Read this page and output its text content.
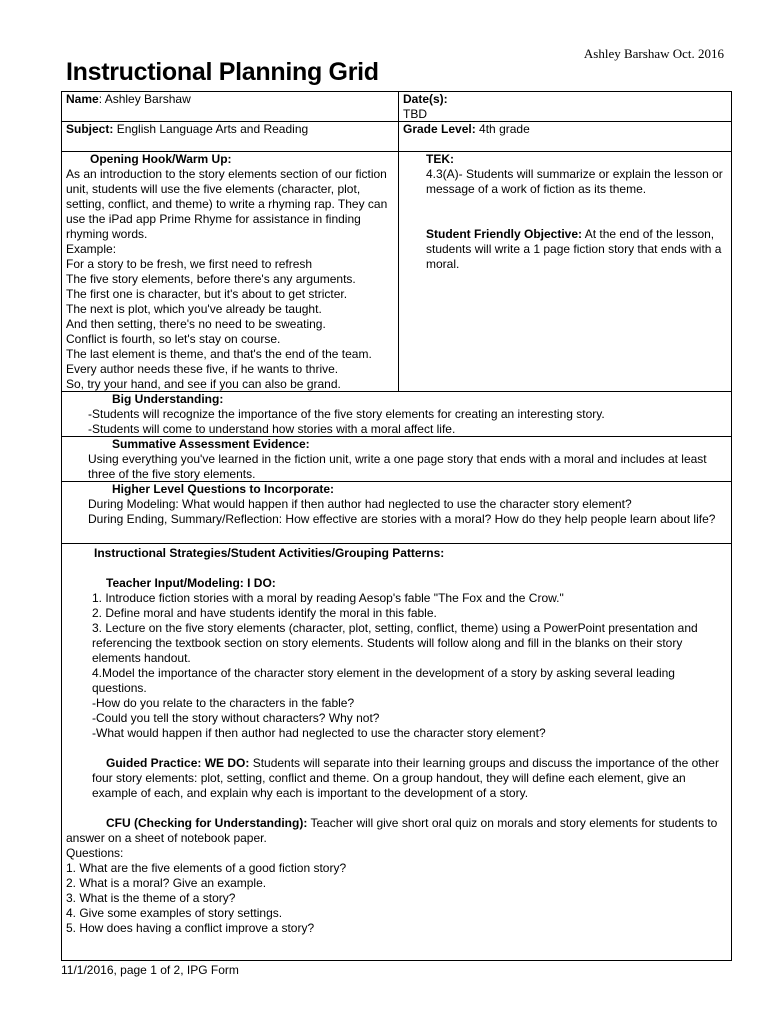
Ashley Barshaw Oct. 2016
Instructional Planning Grid
Name: Ashley Barshaw	Date(s):
TBD
Subject: English Language Arts and Reading	Grade Level: 4th grade
Opening Hook/Warm Up:
As an introduction to the story elements section of our fiction unit, students will use the five elements (character, plot, setting, conflict, and theme) to write a rhyming rap. They can use the iPad app Prime Rhyme for assistance in finding rhyming words.
Example:
For a story to be fresh, we first need to refresh
The five story elements, before there's any arguments.
The first one is character, but it's about to get stricter.
The next is plot, which you've already be taught.
And then setting, there's no need to be sweating.
Conflict is fourth, so let's stay on course.
The last element is theme, and that's the end of the team.
Every author needs these five, if he wants to thrive.
So, try your hand, and see if you can also be grand.
TEK:
4.3(A)- Students will summarize or explain the lesson or message of a work of fiction as its theme.
Student Friendly Objective: At the end of the lesson, students will write a 1 page fiction story that ends with a moral.
Big Understanding:
-Students will recognize the importance of the five story elements for creating an interesting story.
-Students will come to understand how stories with a moral affect life.
Summative Assessment Evidence:
Using everything you've learned in the fiction unit, write a one page story that ends with a moral and includes at least three of the five story elements.
Higher Level Questions to Incorporate:
During Modeling: What would happen if then author had neglected to use the character story element?
During Ending, Summary/Reflection: How effective are stories with a moral? How do they help people learn about life?
Instructional Strategies/Student Activities/Grouping Patterns:
Teacher Input/Modeling: I DO:
1. Introduce fiction stories with a moral by reading Aesop's fable "The Fox and the Crow."
2. Define moral and have students identify the moral in this fable.
3. Lecture on the five story elements (character, plot, setting, conflict, theme) using a PowerPoint presentation and referencing the textbook section on story elements. Students will follow along and fill in the blanks on their story elements handout.
4.Model the importance of the character story element in the development of a story by asking several leading questions.
-How do you relate to the characters in the fable?
-Could you tell the story without characters? Why not?
-What would happen if then author had neglected to use the character story element?
Guided Practice: WE DO: Students will separate into their learning groups and discuss the importance of the other four story elements: plot, setting, conflict and theme. On a group handout, they will define each element, give an example of each, and explain why each is important to the development of a story.
CFU (Checking for Understanding): Teacher will give short oral quiz on morals and story elements for students to answer on a sheet of notebook paper.
Questions:
1. What are the five elements of a good fiction story?
2. What is a moral? Give an example.
3. What is the theme of a story?
4. Give some examples of story settings.
5. How does having a conflict improve a story?
11/1/2016, page 1 of 2, IPG Form
